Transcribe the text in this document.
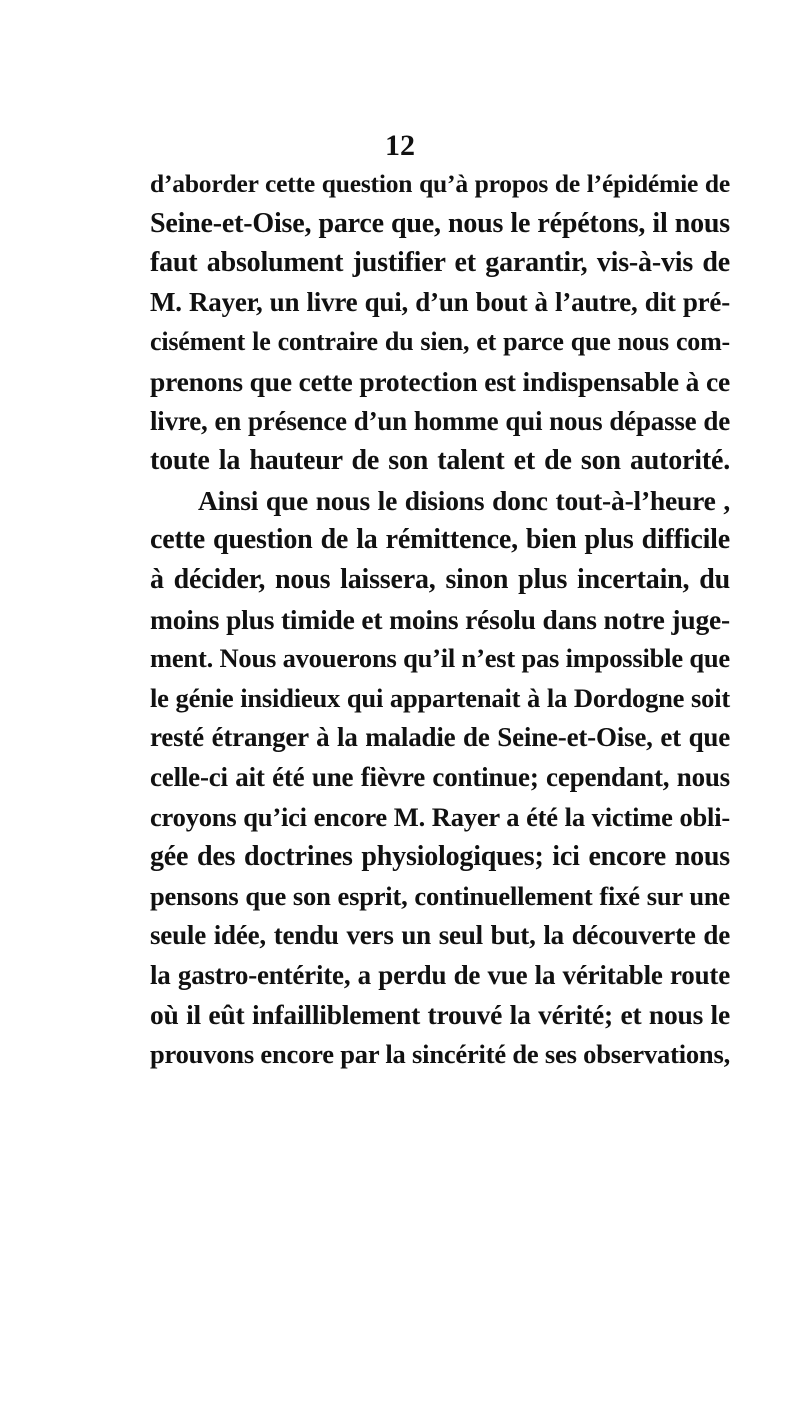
12
d’aborder cette question qu’à propos de l’épidémie de
Seine-et-Oise, parce que, nous le répétons, il nous
faut absolument justifier et garantir, vis-à-vis de
M. Rayer, un livre qui, d’un bout à l’autre, dit pré-
cisément le contraire du sien, et parce que nous com-
prenons que cette protection est indispensable à ce
livre, en présence d’un homme qui nous dépasse de
toute la hauteur de son talent et de son autorité.
Ainsi que nous le disions donc tout-à-l’heure ,
cette question de la rémittence, bien plus difficile
à décider, nous laissera, sinon plus incertain, du
moins plus timide et moins résolu dans notre juge-
ment. Nous avouerons qu’il n’est pas impossible que
le génie insidieux qui appartenait à la Dordogne soit
resté étranger à la maladie de Seine-et-Oise, et que
celle-ci ait été une fièvre continue; cependant, nous
croyons qu’ici encore M. Rayer a été la victime obli-
gée des doctrines physiologiques; ici encore nous
pensons que son esprit, continuellement fixé sur une
seule idée, tendu vers un seul but, la découverte de
la gastro-entérite, a perdu de vue la véritable route
où il eût infailliblement trouvé la vérité; et nous le
prouvons encore par la sincérité de ses observations,
